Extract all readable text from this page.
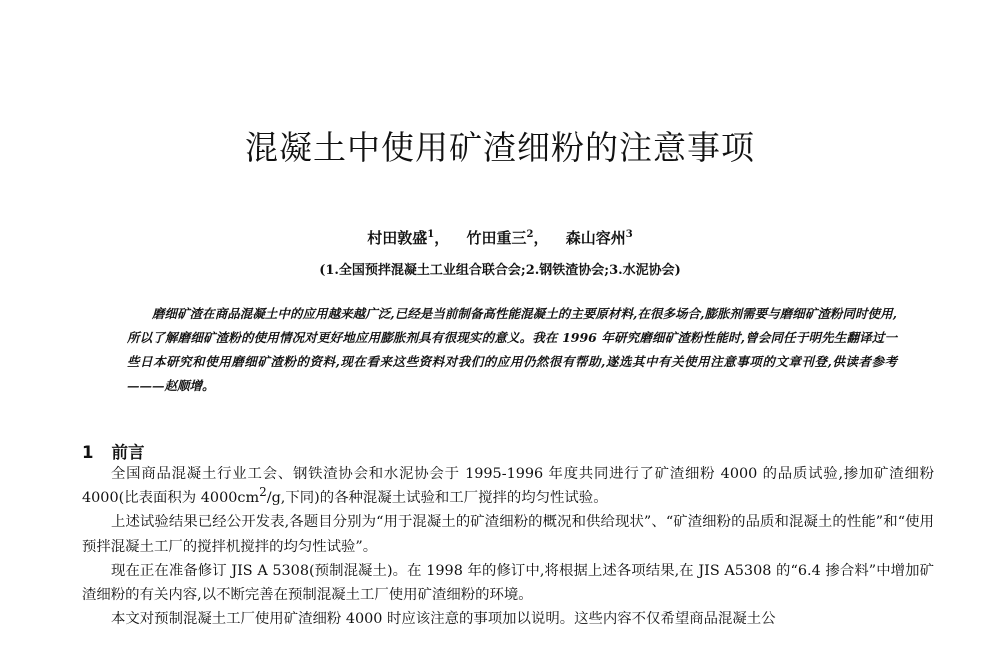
混凝土中使用矿渣细粉的注意事项
村田敦盛$^1$， 竹田重三$^2$， 森山容州$^3$
(1.全国预拌混凝土工业组合联合会;2.钢铁渣协会;3.水泥协会)

磨细矿渣在商品混凝土中的应用越来越广泛,已经是当前制备高性能混凝土的主要原材料,在很多场合,膨胀剂需要与磨细矿渣粉同时使用,所以了解磨细矿渣粉的使用情况对更好地应用膨胀剂具有很现实的意义。我在 1996 年研究磨细矿渣粉性能时,曾会同任于明先生翻译过一些日本研究和使用磨细矿渣粉的资料,现在看来这些资料对我们的应用仍然很有帮助,遂选其中有关使用注意事项的文章刊登,供读者参考———赵顺增。

1 前言

全国商品混凝土行业工会、钢铁渣协会和水泥协会于 1995-1996 年度共同进行了矿渣细粉 4000 的品质试验,掺加矿渣细粉 4000(比表面积为 $4000cm^2/g$,下同)的各种混凝土试验和工厂搅拌的均匀性试验。

上述试验结果已经公开发表,各题目分别为“用于混凝土的矿渣细粉的概况和供给现状”、“矿渣细粉的品质和混凝土的性能”和“使用预拌混凝土工厂的搅拌机搅拌的均匀性试验”。

现在正在准备修订 JIS A 5308(预制混凝土)。在 1998 年的修订中,将根据上述各项结果,在 JIS A5308 的“6.4 掺合料”中增加矿渣细粉的有关内容,以不断完善在预制混凝土工厂使用矿渣细粉的环境。

本文对预制混凝土工厂使用矿渣细粉 4000 时应该注意的事项加以说明。这些内容不仅希望商品混凝土公
